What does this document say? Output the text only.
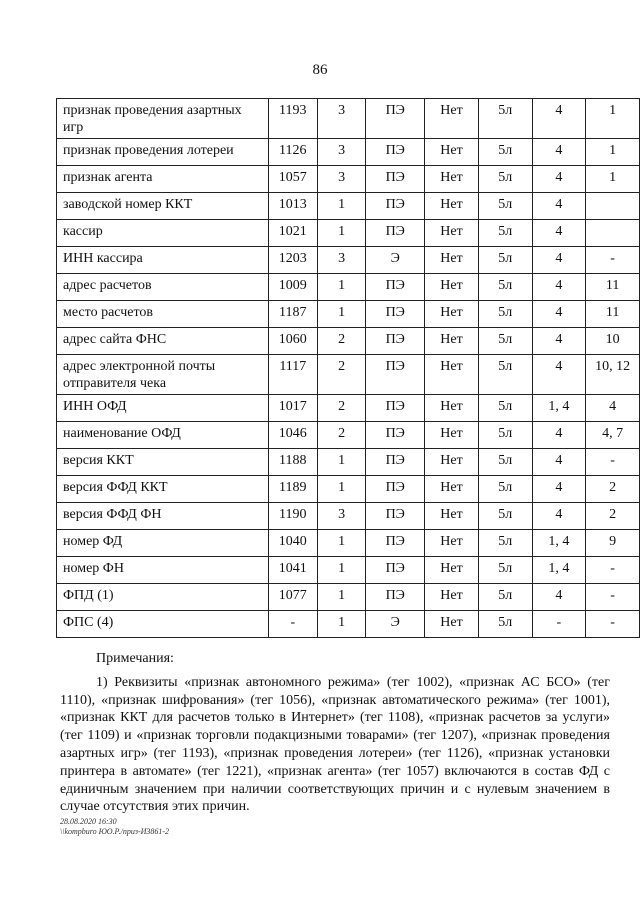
86
признак проведения азартных игр	1193	3	ПЭ	Нет	5л	4	1
признак проведения лотереи	1126	3	ПЭ	Нет	5л	4	1
признак агента	1057	3	ПЭ	Нет	5л	4	1
заводской номер ККТ	1013	1	ПЭ	Нет	5л	4	
кассир	1021	1	ПЭ	Нет	5л	4	
ИНН кассира	1203	3	Э	Нет	5л	4	-
адрес расчетов	1009	1	ПЭ	Нет	5л	4	11
место расчетов	1187	1	ПЭ	Нет	5л	4	11
адрес сайта ФНС	1060	2	ПЭ	Нет	5л	4	10
адрес электронной почты отправителя чека	1117	2	ПЭ	Нет	5л	4	10, 12
ИНН ОФД	1017	2	ПЭ	Нет	5л	1, 4	4
наименование ОФД	1046	2	ПЭ	Нет	5л	4	4, 7
версия ККТ	1188	1	ПЭ	Нет	5л	4	-
версия ФФД ККТ	1189	1	ПЭ	Нет	5л	4	2
версия ФФД ФН	1190	3	ПЭ	Нет	5л	4	2
номер ФД	1040	1	ПЭ	Нет	5л	1, 4	9
номер ФН	1041	1	ПЭ	Нет	5л	1, 4	-
ФПД (1)	1077	1	ПЭ	Нет	5л	4	-
ФПС (4)	-	1	Э	Нет	5л	-	-
Примечания:

1) Реквизиты «признак автономного режима» (тег 1002), «признак АС БСО» (тег 1110), «признак шифрования» (тег 1056), «признак автоматического режима» (тег 1001), «признак ККТ для расчетов только в Интернет» (тег 1108), «признак расчетов за услуги» (тег 1109) и «признак торговли подакцизными товарами» (тег 1207), «признак проведения азартных игр» (тег 1193), «признак проведения лотереи» (тег 1126), «признак установки принтера в автомате» (тег 1221), «признак агента» (тег 1057) включаются в состав ФД с единичным значением при наличии соответствующих причин и с нулевым значением в случае отсутствия этих причин.

28.08.2020 16:30
\\kompburo ЮО.Р./приз-И3861-2
